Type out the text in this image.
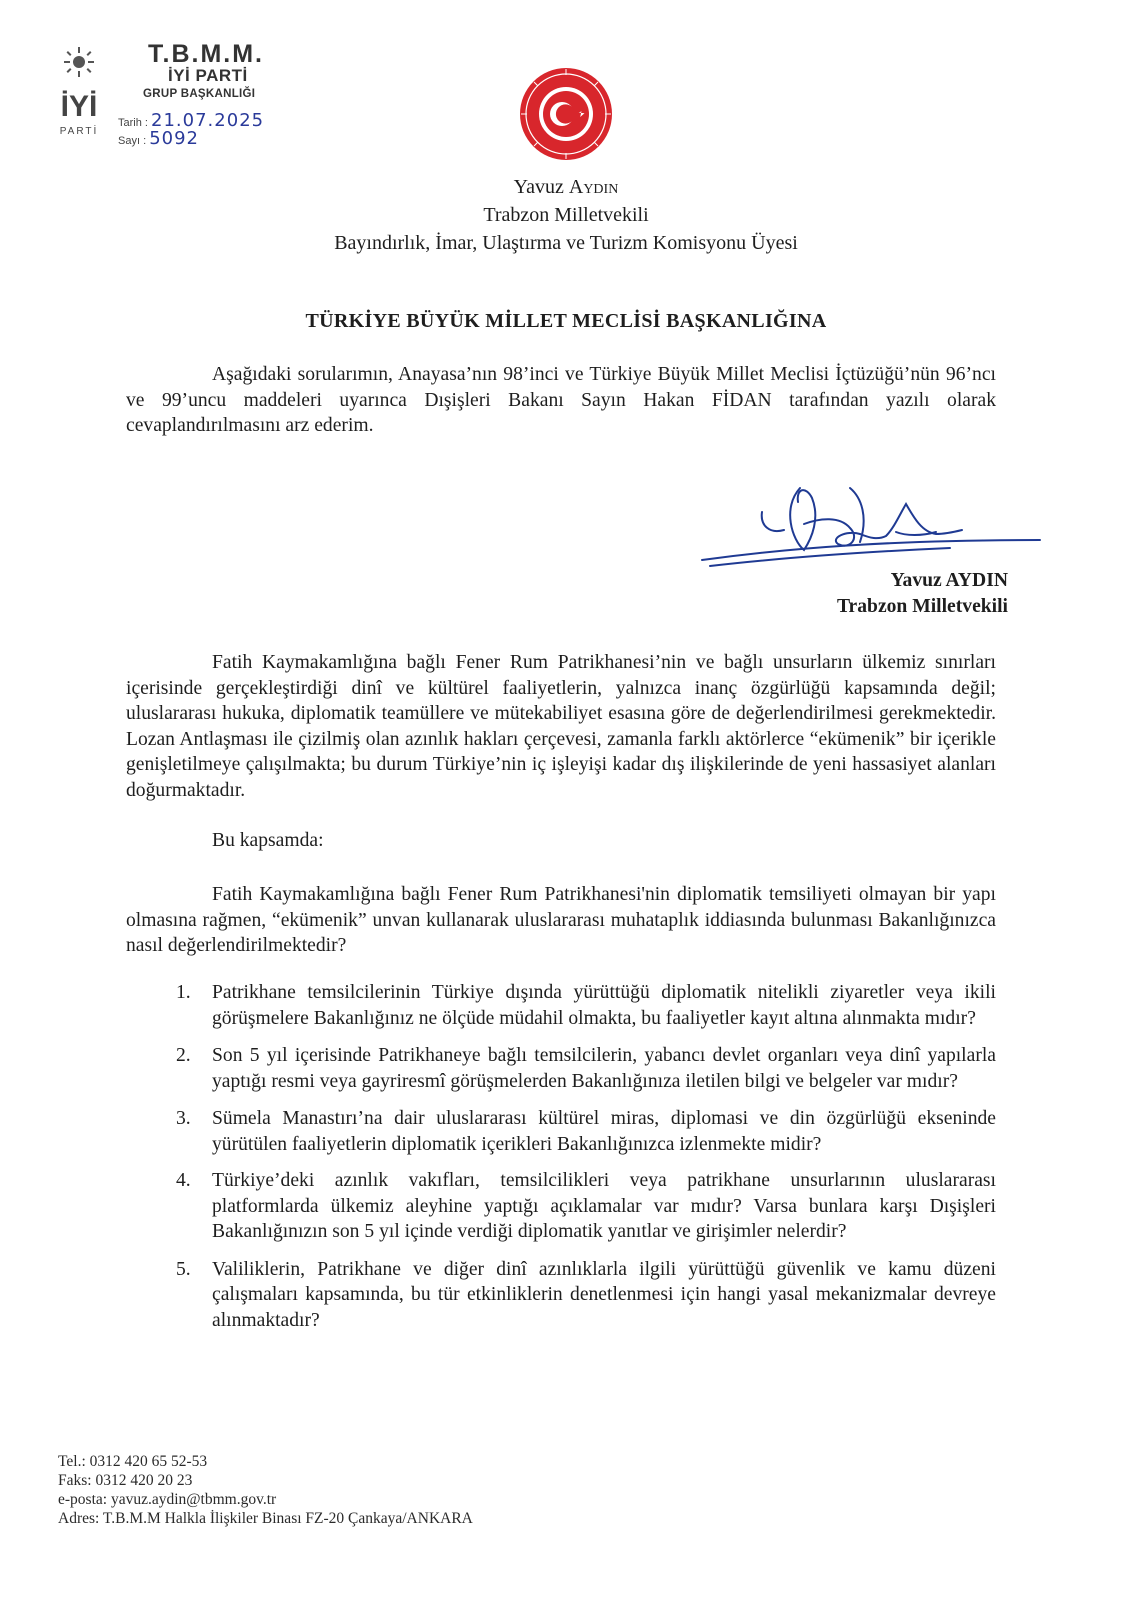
İYİ
PARTİ
T.B.M.M.
İYİ PARTİ
GRUP BAŞKANLIĞI
Tarih : 21.07.2025
Sayı : 5092
Yavuz Aydın
Trabzon Milletvekili
Bayındırlık, İmar, Ulaştırma ve Turizm Komisyonu Üyesi
TÜRKİYE BÜYÜK MİLLET MECLİSİ BAŞKANLIĞINA
Aşağıdaki sorularımın, Anayasa’nın 98’inci ve Türkiye Büyük Millet Meclisi İçtüzüğü’nün 96’ncı ve 99’uncu maddeleri uyarınca Dışişleri Bakanı Sayın Hakan FİDAN tarafından yazılı olarak cevaplandırılmasını arz ederim.
Yavuz AYDIN
Trabzon Milletvekili
Fatih Kaymakamlığına bağlı Fener Rum Patrikhanesi’nin ve bağlı unsurların ülkemiz sınırları içerisinde gerçekleştirdiği dinî ve kültürel faaliyetlerin, yalnızca inanç özgürlüğü kapsamında değil; uluslararası hukuka, diplomatik teamüllere ve mütekabiliyet esasına göre de değerlendirilmesi gerekmektedir. Lozan Antlaşması ile çizilmiş olan azınlık hakları çerçevesi, zamanla farklı aktörlerce “ekümenik” bir içerikle genişletilmeye çalışılmakta; bu durum Türkiye’nin iç işleyişi kadar dış ilişkilerinde de yeni hassasiyet alanları doğurmaktadır.
Bu kapsamda:
Fatih Kaymakamlığına bağlı Fener Rum Patrikhanesi'nin diplomatik temsiliyeti olmayan bir yapı olmasına rağmen, “ekümenik” unvan kullanarak uluslararası muhataplık iddiasında bulunması Bakanlığınızca nasıl değerlendirilmektedir?
1. Patrikhane temsilcilerinin Türkiye dışında yürüttüğü diplomatik nitelikli ziyaretler veya ikili görüşmelere Bakanlığınız ne ölçüde müdahil olmakta, bu faaliyetler kayıt altına alınmakta mıdır?
2. Son 5 yıl içerisinde Patrikhaneye bağlı temsilcilerin, yabancı devlet organları veya dinî yapılarla yaptığı resmi veya gayriresmî görüşmelerden Bakanlığınıza iletilen bilgi ve belgeler var mıdır?
3. Sümela Manastırı’na dair uluslararası kültürel miras, diplomasi ve din özgürlüğü ekseninde yürütülen faaliyetlerin diplomatik içerikleri Bakanlığınızca izlenmekte midir?
4. Türkiye’deki azınlık vakıfları, temsilcilikleri veya patrikhane unsurlarının uluslararası platformlarda ülkemiz aleyhine yaptığı açıklamalar var mıdır? Varsa bunlara karşı Dışişleri Bakanlığınızın son 5 yıl içinde verdiği diplomatik yanıtlar ve girişimler nelerdir?
5. Valiliklerin, Patrikhane ve diğer dinî azınlıklarla ilgili yürüttüğü güvenlik ve kamu düzeni çalışmaları kapsamında, bu tür etkinliklerin denetlenmesi için hangi yasal mekanizmalar devreye alınmaktadır?
Tel.: 0312 420 65 52-53
Faks: 0312 420 20 23
e-posta: yavuz.aydin@tbmm.gov.tr
Adres: T.B.M.M Halkla İlişkiler Binası FZ-20 Çankaya/ANKARA
